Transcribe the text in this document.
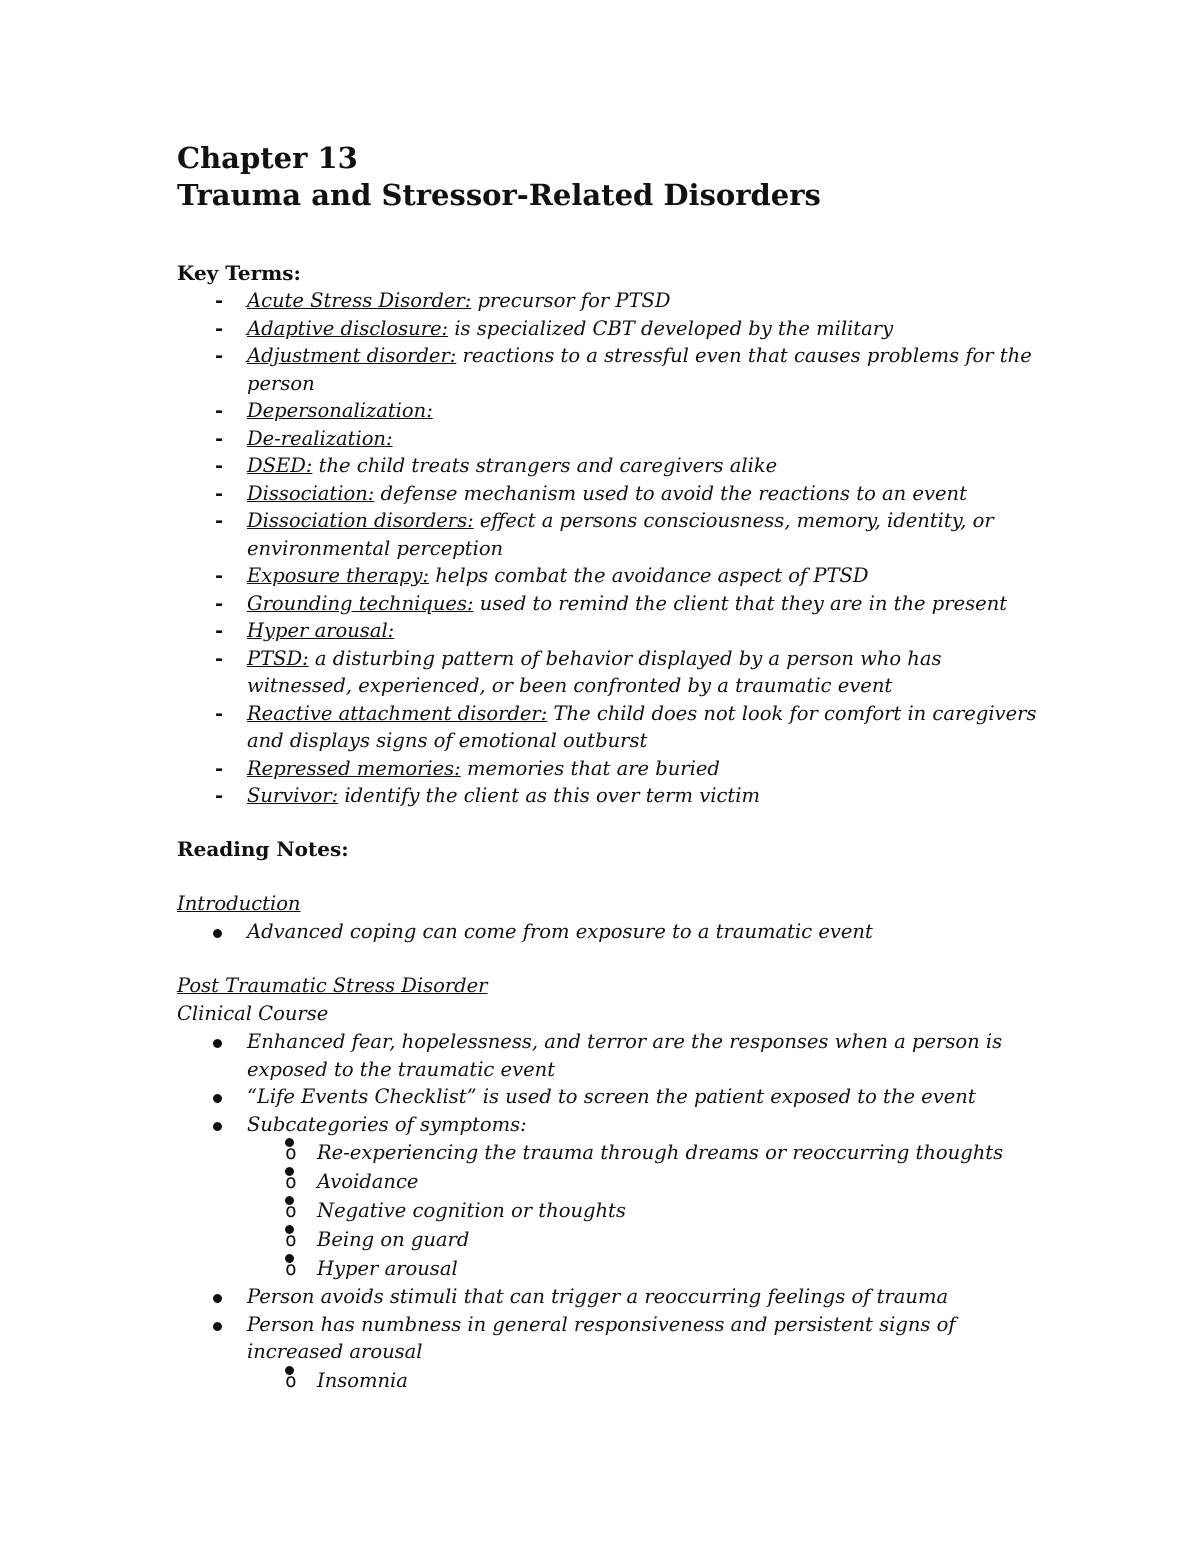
Chapter 13
Trauma and Stressor-Related Disorders

Key Terms:

- Acute Stress Disorder: precursor for PTSD
- Adaptive disclosure: is specialized CBT developed by the military
- Adjustment disorder: reactions to a stressful even that causes problems for the person
- Depersonalization:
- De-realization:
- DSED: the child treats strangers and caregivers alike
- Dissociation: defense mechanism used to avoid the reactions to an event
- Dissociation disorders: effect a persons consciousness, memory, identity, or environmental perception
- Exposure therapy: helps combat the avoidance aspect of PTSD
- Grounding techniques: used to remind the client that they are in the present
- Hyper arousal:
- PTSD: a disturbing pattern of behavior displayed by a person who has witnessed, experienced, or been confronted by a traumatic event
- Reactive attachment disorder: The child does not look for comfort in caregivers and displays signs of emotional outburst
- Repressed memories: memories that are buried
- Survivor: identify the client as this over term victim

Reading Notes:

Introduction

Advanced coping can come from exposure to a traumatic event

Post Traumatic Stress Disorder

Clinical Course

Enhanced fear, hopelessness, and terror are the responses when a person is exposed to the traumatic event
“Life Events Checklist” is used to screen the patient exposed to the event
Subcategories of symptoms:
o Re-experiencing the trauma through dreams or reoccurring thoughts
o Avoidance
o Negative cognition or thoughts
o Being on guard
o Hyper arousal
Person avoids stimuli that can trigger a reoccurring feelings of trauma
Person has numbness in general responsiveness and persistent signs of increased arousal
o Insomnia
